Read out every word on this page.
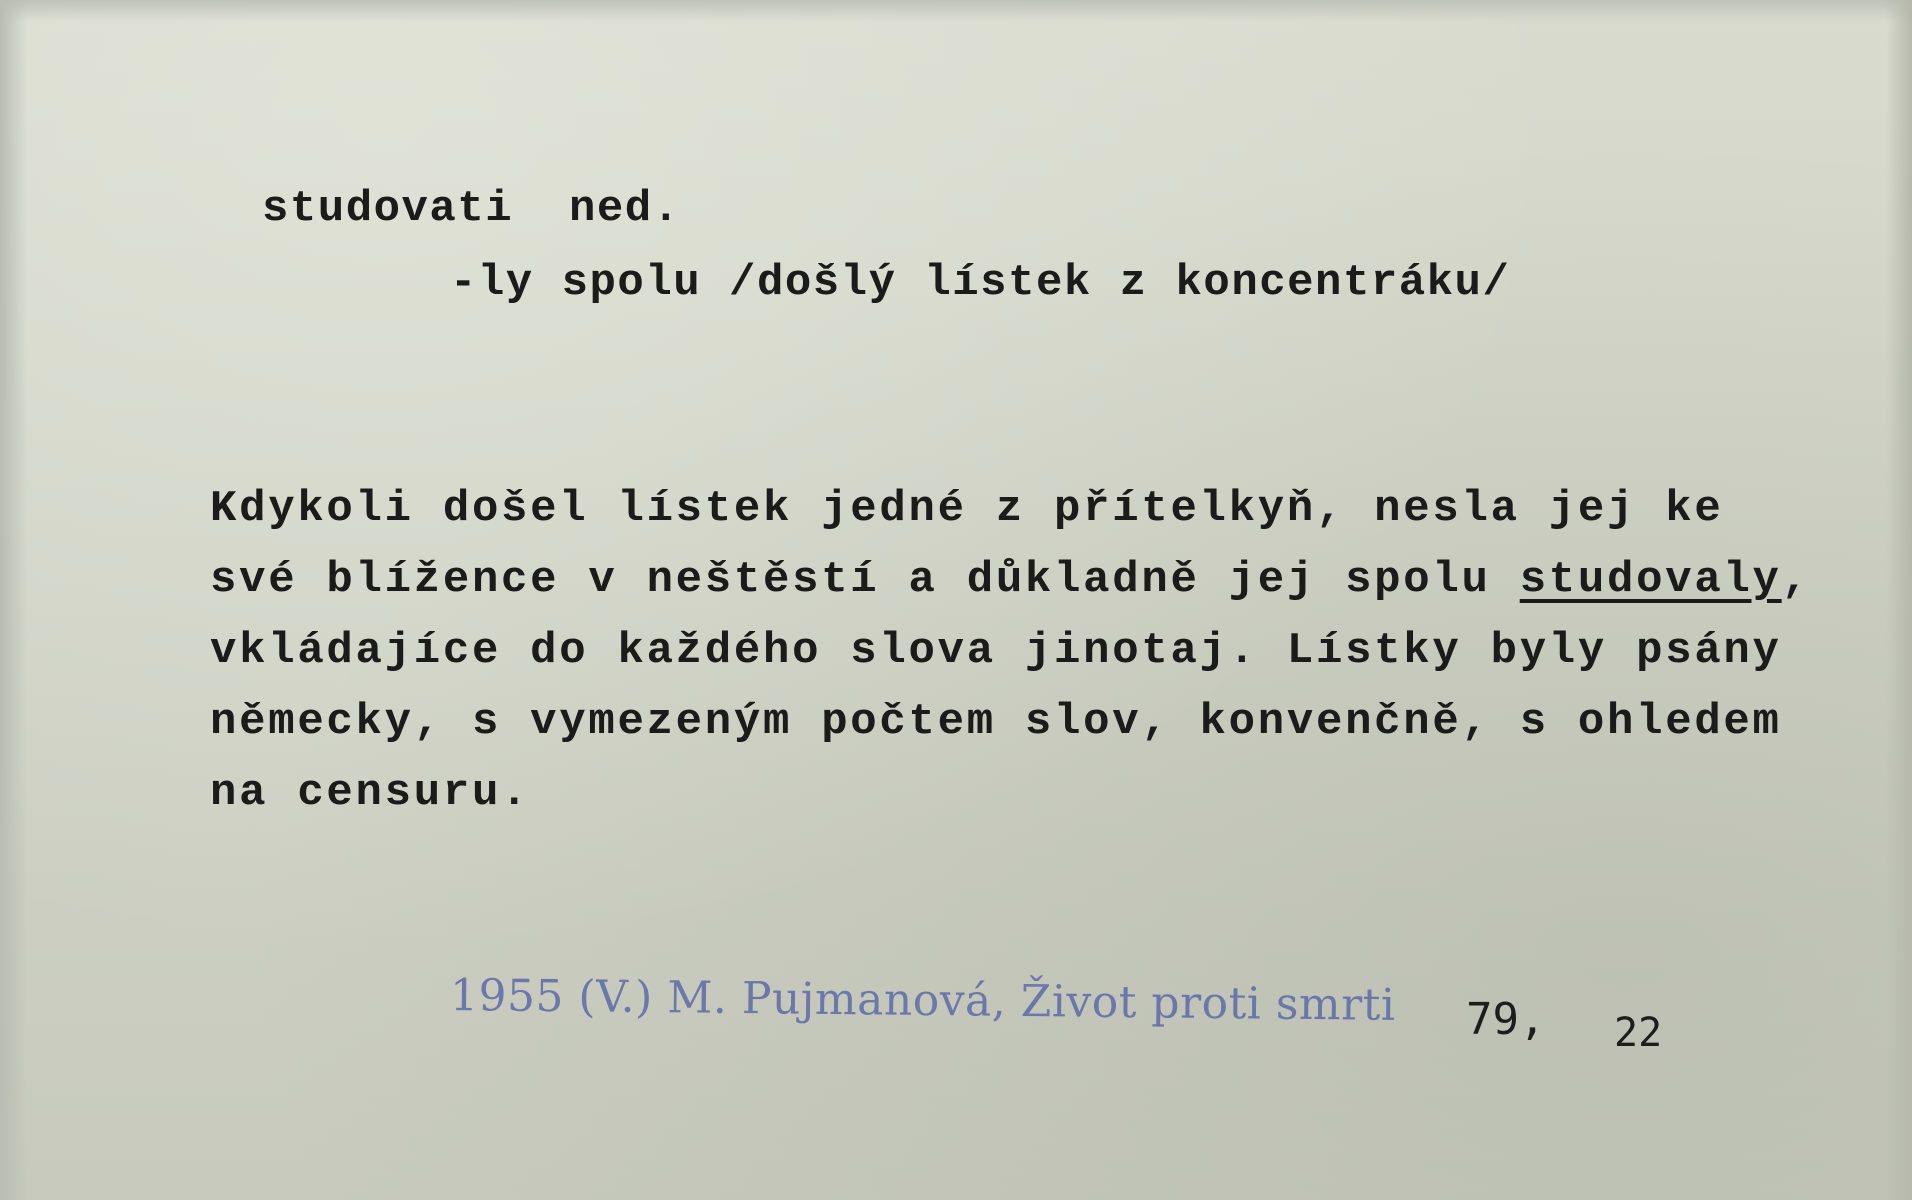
studovati  ned.
-ly spolu /došlý lístek z koncentráku/
Kdykoli došel lístek jedné z přítelkyň, nesla jej ke
své blížence v neštěstí a důkladně jej spolu studovaly,
vkládajíce do každého slova jinotaj. Lístky byly psány
německy, s vymezeným počtem slov, konvenčně, s ohledem
na censuru.
1955 (V.) M. Pujmanová, Život proti smrti 79, 22
